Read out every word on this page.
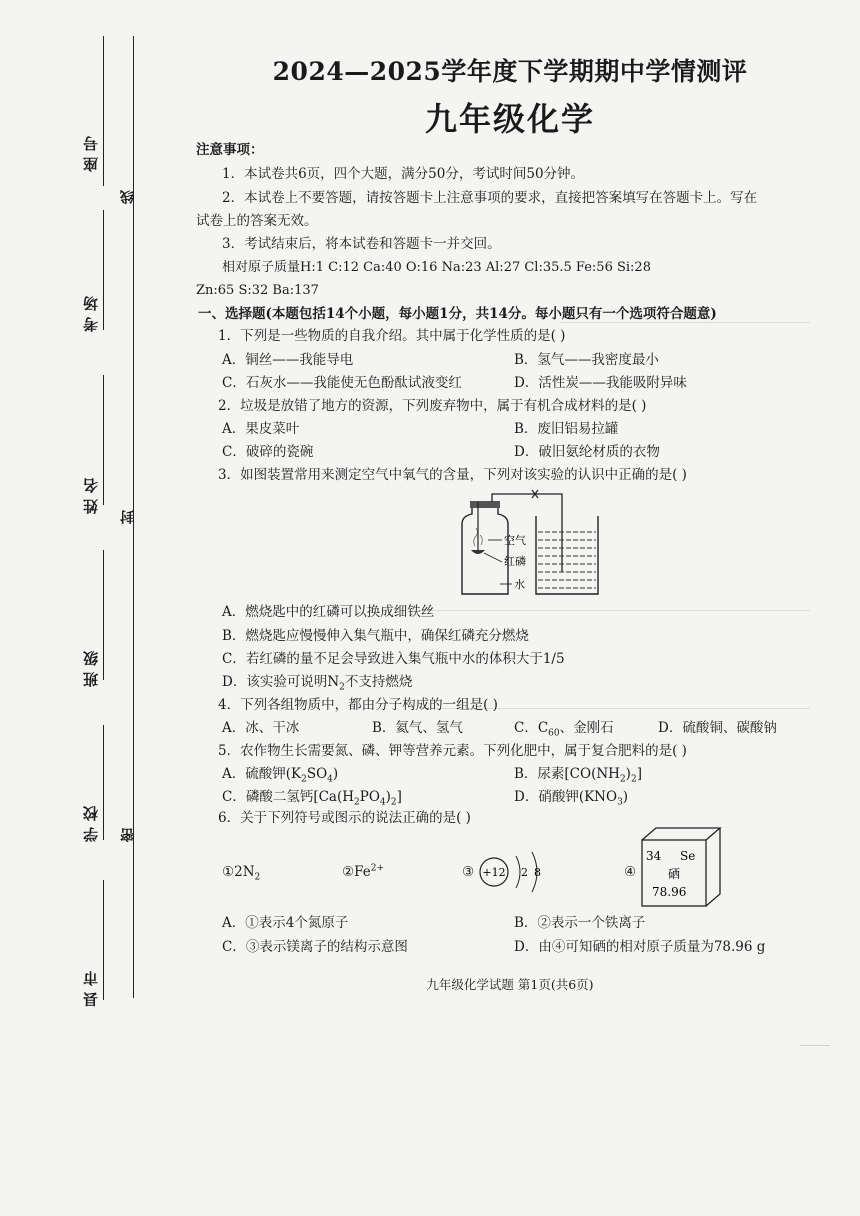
座号
考场
姓名
班级
学校
县市
线
封
密
2024—2025学年度下学期期中学情测评
九年级化学
注意事项：
1．本试卷共6页，四个大题，满分50分，考试时间50分钟。
2．本试卷上不要答题，请按答题卡上注意事项的要求，直接把答案填写在答题卡上。写在
试卷上的答案无效。
3．考试结束后，将本试卷和答题卡一并交回。
相对原子质量H:1 C:12 Ca:40 O:16 Na:23 Al:27 Cl:35.5 Fe:56 Si:28
Zn:65 S:32 Ba:137
一、选择题(本题包括14个小题，每小题1分，共14分。每小题只有一个选项符合题意)
1．下列是一些物质的自我介绍。其中属于化学性质的是( )
A．铜丝——我能导电	B．氢气——我密度最小
C．石灰水——我能使无色酚酞试液变红	D．活性炭——我能吸附异味
2．垃圾是放错了地方的资源，下列废弃物中，属于有机合成材料的是( )
A．果皮菜叶	B．废旧铝易拉罐
C．破碎的瓷碗	D．破旧氨纶材质的衣物
3．如图装置常用来测定空气中氧气的含量，下列对该实验的认识中正确的是( )
空气
红磷
水
A．燃烧匙中的红磷可以换成细铁丝
B．燃烧匙应慢慢伸入集气瓶中，确保红磷充分燃烧
C．若红磷的量不足会导致进入集气瓶中水的体积大于1/5
D．该实验可说明$N_2$不支持燃烧
4．下列各组物质中，都由分子构成的一组是( )
A．冰、干冰	B．氦气、氢气	C．$C_{60}$、金刚石	D．硫酸铜、碳酸钠
5．农作物生长需要氮、磷、钾等营养元素。下列化肥中，属于复合肥料的是( )
A．硫酸钾$(K_2SO_4)$	B．尿素$[CO(NH_2)_2]$
C．磷酸二氢钙$[Ca(H_2PO_4)_2]$	D．硝酸钾$(KNO_3)$
6．关于下列符号或图示的说法正确的是( )
$①2N_2$	$②Fe^{2+}$	③ +12 2 8	④
34 Se
硒
78.96
A．①表示4个氮原子	B．②表示一个铁离子
C．③表示镁离子的结构示意图	D．由④可知硒的相对原子质量为78.96 g
九年级化学试题 第1页(共6页)
